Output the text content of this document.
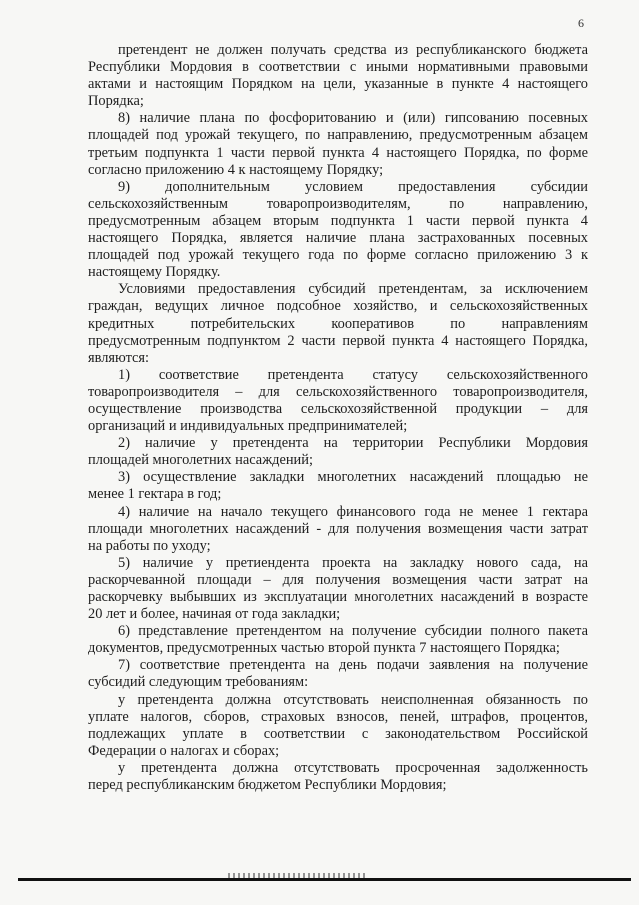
6
претендент не должен получать средства из республиканского бюджета
Республики Мордовия в соответствии с иными нормативными правовыми
актами и настоящим Порядком на цели, указанные в пункте 4 настоящего
Порядка;
8) наличие плана по фосфоритованию и (или) гипсованию посевных
площадей под урожай текущего, по направлению, предусмотренным абзацем
третьим подпункта 1 части первой пункта 4 настоящего Порядка, по форме
согласно приложению 4 к настоящему Порядку;
9) дополнительным условием предоставления субсидии
сельскохозяйственным товаропроизводителям, по направлению,
предусмотренным абзацем вторым подпункта 1 части первой пункта 4
настоящего Порядка, является наличие плана застрахованных посевных
площадей под урожай текущего года по форме согласно приложению 3 к
настоящему Порядку.
Условиями предоставления субсидий претендентам, за исключением
граждан, ведущих личное подсобное хозяйство, и сельскохозяйственных
кредитных потребительских кооперативов по направлениям
предусмотренным подпунктом 2 части первой пункта 4 настоящего Порядка,
являются:
1) соответствие претендента статусу сельскохозяйственного
товаропроизводителя – для сельскохозяйственного товаропроизводителя,
осуществление производства сельскохозяйственной продукции – для
организаций и индивидуальных предпринимателей;
2) наличие у претендента на территории Республики Мордовия
площадей многолетних насаждений;
3) осуществление закладки многолетних насаждений площадью не
менее 1 гектара в год;
4) наличие на начало текущего финансового года не менее 1 гектара
площади многолетних насаждений - для получения возмещения части затрат
на работы по уходу;
5) наличие у претиендента проекта на закладку нового сада, на
раскорчеванной площади – для получения возмещения части затрат на
раскорчевку выбывших из эксплуатации многолетних насаждений в возрасте
20 лет и более, начиная от года закладки;
6) представление претендентом на получение субсидии полного пакета
документов, предусмотренных частью второй пункта 7 настоящего Порядка;
7) соответствие претендента на день подачи заявления на получение
субсидий следующим требованиям:
у претендента должна отсутствовать неисполненная обязанность по
уплате налогов, сборов, страховых взносов, пеней, штрафов, процентов,
подлежащих уплате в соответствии с законодательством Российской
Федерации о налогах и сборах;
у претендента должна отсутствовать просроченная задолженность
перед республиканским бюджетом Республики Мордовия;
